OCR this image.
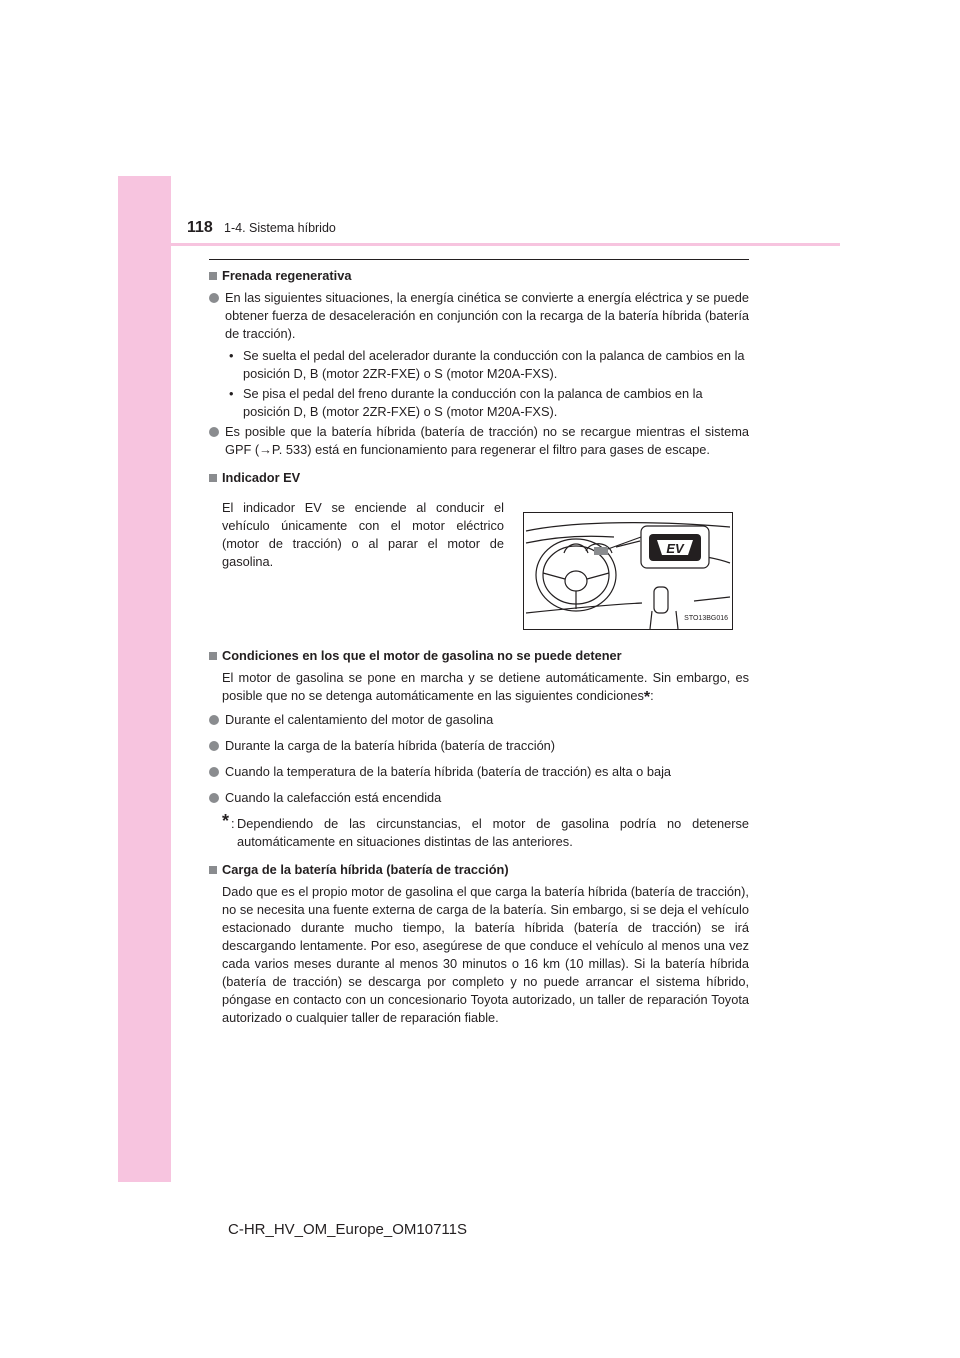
118 1-4. Sistema híbrido
Frenada regenerativa
En las siguientes situaciones, la energía cinética se convierte a energía eléctrica y se puede obtener fuerza de desaceleración en conjunción con la recarga de la batería híbrida (batería de tracción).
• Se suelta el pedal del acelerador durante la conducción con la palanca de cambios en la posición D, B (motor 2ZR-FXE) o S (motor M20A-FXS).
• Se pisa el pedal del freno durante la conducción con la palanca de cambios en la posición D, B (motor 2ZR-FXE) o S (motor M20A-FXS).
Es posible que la batería híbrida (batería de tracción) no se recargue mientras el sistema GPF (→P. 533) está en funcionamiento para regenerar el filtro para gases de escape.
Indicador EV
El indicador EV se enciende al conducir el vehículo únicamente con el motor eléctrico (motor de tracción) o al parar el motor de gasolina.
EV
STO13BG016
Condiciones en los que el motor de gasolina no se puede detener
El motor de gasolina se pone en marcha y se detiene automáticamente. Sin embargo, es posible que no se detenga automáticamente en las siguientes condiciones*:
Durante el calentamiento del motor de gasolina
Durante la carga de la batería híbrida (batería de tracción)
Cuando la temperatura de la batería híbrida (batería de tracción) es alta o baja
Cuando la calefacción está encendida
* : Dependiendo de las circunstancias, el motor de gasolina podría no detenerse automáticamente en situaciones distintas de las anteriores.
Carga de la batería híbrida (batería de tracción)
Dado que es el propio motor de gasolina el que carga la batería híbrida (batería de tracción), no se necesita una fuente externa de carga de la batería. Sin embargo, si se deja el vehículo estacionado durante mucho tiempo, la batería híbrida (batería de tracción) se irá descargando lentamente. Por eso, asegúrese de que conduce el vehículo al menos una vez cada varios meses durante al menos 30 minutos o 16 km (10 millas). Si la batería híbrida (batería de tracción) se descarga por completo y no puede arrancar el sistema híbrido, póngase en contacto con un concesionario Toyota autorizado, un taller de reparación Toyota autorizado o cualquier taller de reparación fiable.
C-HR_HV_OM_Europe_OM10711S
